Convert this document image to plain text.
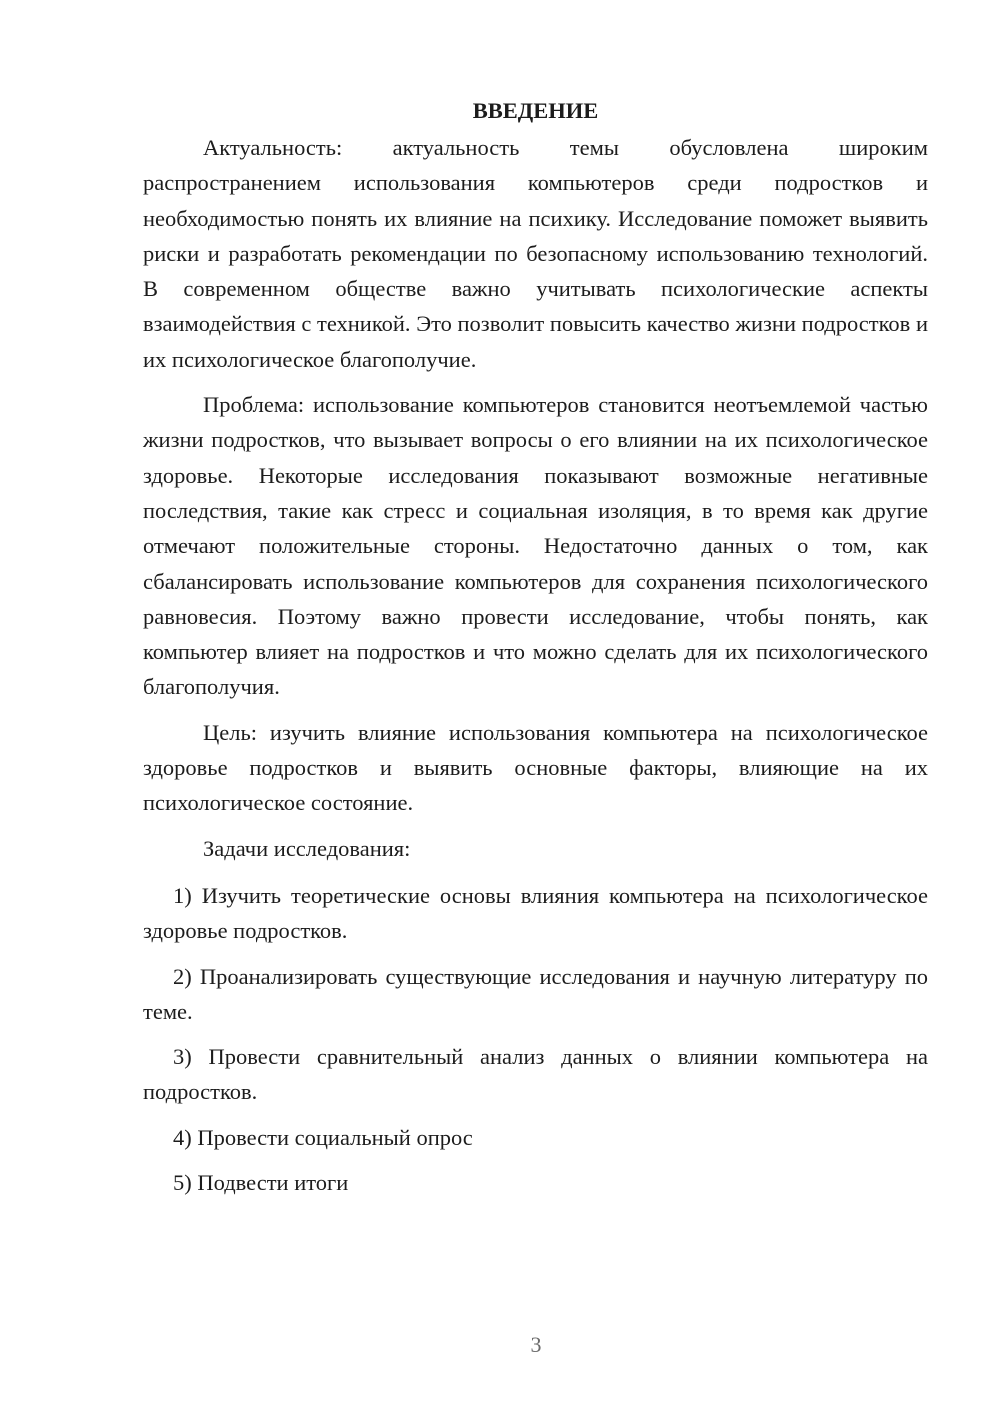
ВВЕДЕНИЕ

Актуальность: актуальность темы обусловлена широким распространением использования компьютеров среди подростков и необходимостью понять их влияние на психику. Исследование поможет выявить риски и разработать рекомендации по безопасному использованию технологий. В современном обществе важно учитывать психологические аспекты взаимодействия с техникой. Это позволит повысить качество жизни подростков и их психологическое благополучие.

Проблема: использование компьютеров становится неотъемлемой частью жизни подростков, что вызывает вопросы о его влиянии на их психологическое здоровье. Некоторые исследования показывают возможные негативные последствия, такие как стресс и социальная изоляция, в то время как другие отмечают положительные стороны. Недостаточно данных о том, как сбалансировать использование компьютеров для сохранения психологического равновесия. Поэтому важно провести исследование, чтобы понять, как компьютер влияет на подростков и что можно сделать для их психологического благополучия.

Цель: изучить влияние использования компьютера на психологическое здоровье подростков и выявить основные факторы, влияющие на их психологическое состояние.

Задачи исследования:

1) Изучить теоретические основы влияния компьютера на психологическое здоровье подростков.

2) Проанализировать существующие исследования и научную литературу по теме.

3) Провести сравнительный анализ данных о влиянии компьютера на подростков.

4) Провести социальный опрос

5) Подвести итоги

3
